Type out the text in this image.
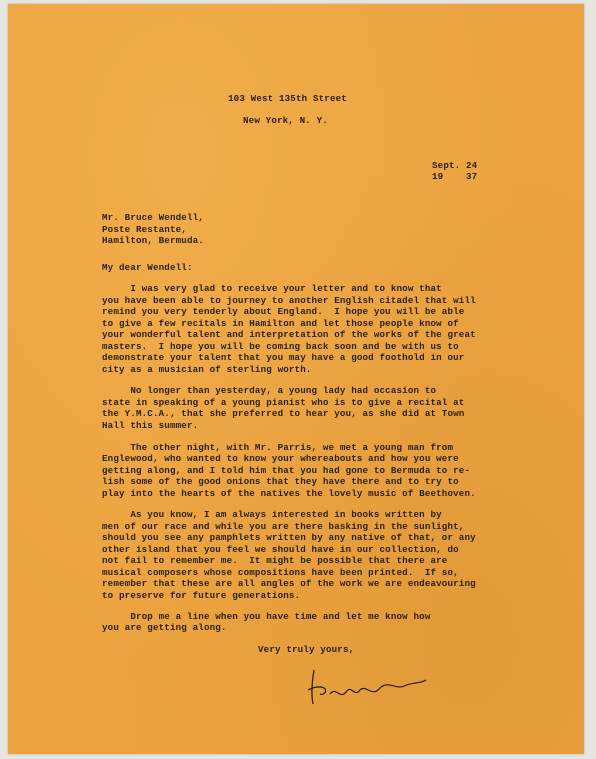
103 West 135th Street
New York, N. Y.
Sept. 24
19    37
Mr. Bruce Wendell,
Poste Restante,
Hamilton, Bermuda.
My dear Wendell:
I was very glad to receive your letter and to know that
you have been able to journey to another English citadel that will
remind you very tenderly about England.  I hope you will be able
to give a few recitals in Hamilton and let those people know of
your wonderful talent and interpretation of the works of the great
masters.  I hope you will be coming back soon and be with us to
demonstrate your talent that you may have a good foothold in our
city as a musician of sterling worth.
No longer than yesterday, a young lady had occasion to
state in speaking of a young pianist who is to give a recital at
the Y.M.C.A., that she preferred to hear you, as she did at Town
Hall this summer.
The other night, with Mr. Parris, we met a young man from
Englewood, who wanted to know your whereabouts and how you were
getting along, and I told him that you had gone to Bermuda to re-
lish some of the good onions that they have there and to try to
play into the hearts of the natives the lovely music of Beethoven.
As you know, I am always interested in books written by
men of our race and while you are there basking in the sunlight,
should you see any pamphlets written by any native of that, or any
other island that you feel we should have in our collection, do
not fail to remember me.  It might be possible that there are
musical composers whose compositions have been printed.  If so,
remember that these are all angles of the work we are endeavouring
to preserve for future generations.
Drop me a line when you have time and let me know how
you are getting along.
Very truly yours,
